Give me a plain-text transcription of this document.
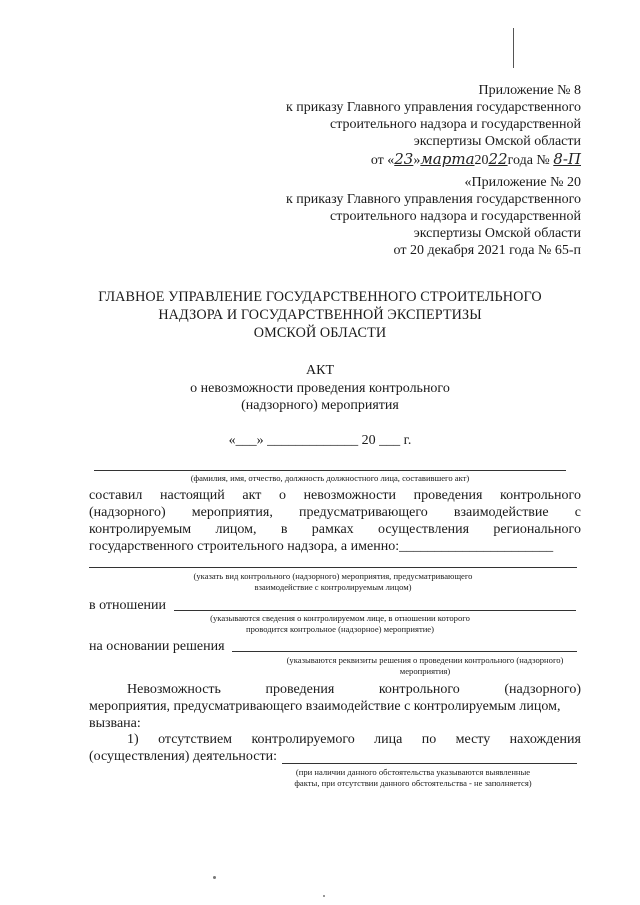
Приложение № 8
к приказу Главного управления государственного
строительного надзора и государственной
экспертизы Омской области
от «23»марта2022года № 8-П
«Приложение № 20
к приказу Главного управления государственного
строительного надзора и государственной
экспертизы Омской области
от 20 декабря 2021 года № 65-п
ГЛАВНОЕ УПРАВЛЕНИЕ ГОСУДАРСТВЕННОГО СТРОИТЕЛЬНОГО
НАДЗОРА И ГОСУДАРСТВЕННОЙ ЭКСПЕРТИЗЫ
ОМСКОЙ ОБЛАСТИ
АКТ
о невозможности проведения контрольного
(надзорного) мероприятия
«___» _____________ 20 ___ г.
(фамилия, имя, отчество, должность должностного лица, составившего акт)
составил настоящий акт о невозможности проведения контрольного
(надзорного) мероприятия, предусматривающего взаимодействие с
контролируемым лицом, в рамках осуществления регионального
государственного строительного надзора, а именно:______________________
(указать вид контрольного (надзорного) мероприятия, предусматривающего
взаимодействие с контролируемым лицом)
в отношении
(указываются сведения о контролируемом лице, в отношении которого
проводится контрольное (надзорное) мероприятие)
на основании решения
(указываются реквизиты решения о проведении контрольного (надзорного)
мероприятия)
Невозможность	проведения	контрольного	(надзорного)
мероприятия, предусматривающего взаимодействие с контролируемым лицом,
вызвана:
1) отсутствием контролируемого лица по месту нахождения
(осуществления) деятельности:
(при наличии данного обстоятельства указываются выявленные
факты, при отсутствии данного обстоятельства - не заполняется)
